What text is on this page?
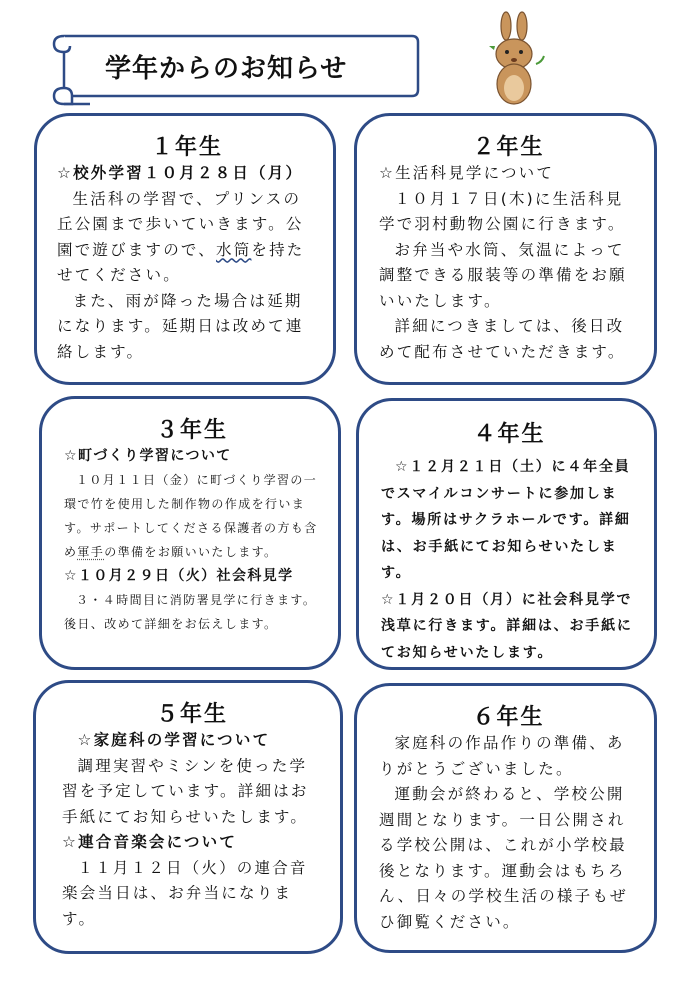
学年からのお知らせ
１年生

☆校外学習１０月２８日（月）

生活科の学習で、プリンスの丘公園まで歩いていきます。公園で遊びますので、水筒を持たせてください。

また、雨が降った場合は延期になります。延期日は改めて連絡します。

２年生

☆生活科見学について

１０月１７日(木)に生活科見学で羽村動物公園に行きます。

お弁当や水筒、気温によって調整できる服装等の準備をお願いいたします。

詳細につきましては、後日改めて配布させていただきます。

３年生

☆町づくり学習について

１０月１１日（金）に町づくり学習の一環で竹を使用した制作物の作成を行います。サポートしてくださる保護者の方も含め軍手の準備をお願いいたします。

☆１０月２９日（火）社会科見学

３・４時間目に消防署見学に行きます。後日、改めて詳細をお伝えします。

４年生

☆１２月２１日（土）に４年全員でスマイルコンサートに参加します。場所はサクラホールです。詳細は、お手紙にてお知らせいたします。

☆１月２０日（月）に社会科見学で浅草に行きます。詳細は、お手紙にてお知らせいたします。

５年生

☆家庭科の学習について

調理実習やミシンを使った学習を予定しています。詳細はお手紙にてお知らせいたします。

☆連合音楽会について

１１月１２日（火）の連合音楽会当日は、お弁当になります。

６年生

家庭科の作品作りの準備、ありがとうございました。

運動会が終わると、学校公開週間となります。一日公開される学校公開は、これが小学校最後となります。運動会はもちろん、日々の学校生活の様子もぜひ御覧ください。
